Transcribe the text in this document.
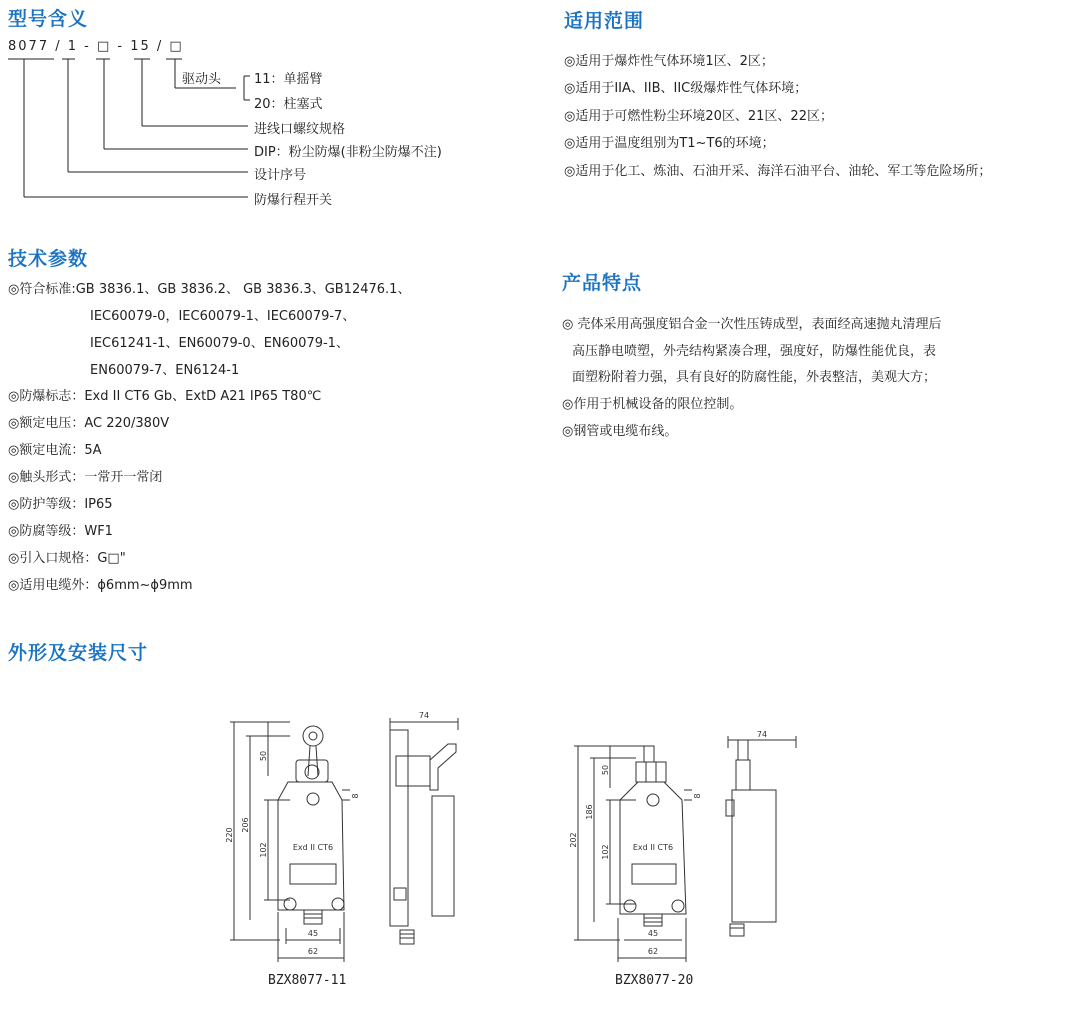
型号含义
8077 / 1 - □ - 15 / □
驱动头	11：单摇臂
20：柱塞式
进线口螺纹规格
DIP：粉尘防爆(非粉尘防爆不注)
设计序号
防爆行程开关
适用范围
◎适用于爆炸性气体环境1区、2区；
◎适用于IIA、IIB、IIC级爆炸性气体环境；
◎适用于可燃性粉尘环境20区、21区、22区；
◎适用于温度组别为T1~T6的环境；
◎适用于化工、炼油、石油开采、海洋石油平台、油轮、军工等危险场所；
技术参数
◎符合标准:GB 3836.1、GB 3836.2、 GB 3836.3、GB12476.1、
IEC60079-0，IEC60079-1、IEC60079-7、
IEC61241-1、EN60079-0、EN60079-1、
EN60079-7、EN6124-1
◎防爆标志：Exd II CT6 Gb、ExtD A21 IP65 T80℃
◎额定电压：AC 220/380V
◎额定电流：5A
◎触头形式：一常开一常闭
◎防护等级：IP65
◎防腐等级：WF1
◎引入口规格：G□"
◎适用电缆外：ϕ6mm~ϕ9mm
产品特点
◎ 壳体采用高强度铝合金一次性压铸成型，表面经高速抛丸清理后
高压静电喷塑，外壳结构紧凑合理，强度好，防爆性能优良，表
面塑粉附着力强，具有良好的防腐性能，外表整洁，美观大方；
◎作用于机械设备的限位控制。
◎钢管或电缆布线。
外形及安装尺寸
220
206
50
102
8
45
62
74
Exd II CT6
BZX8077-11
202
186
50
102
8
45
62
74
Exd II CT6
BZX8077-20
